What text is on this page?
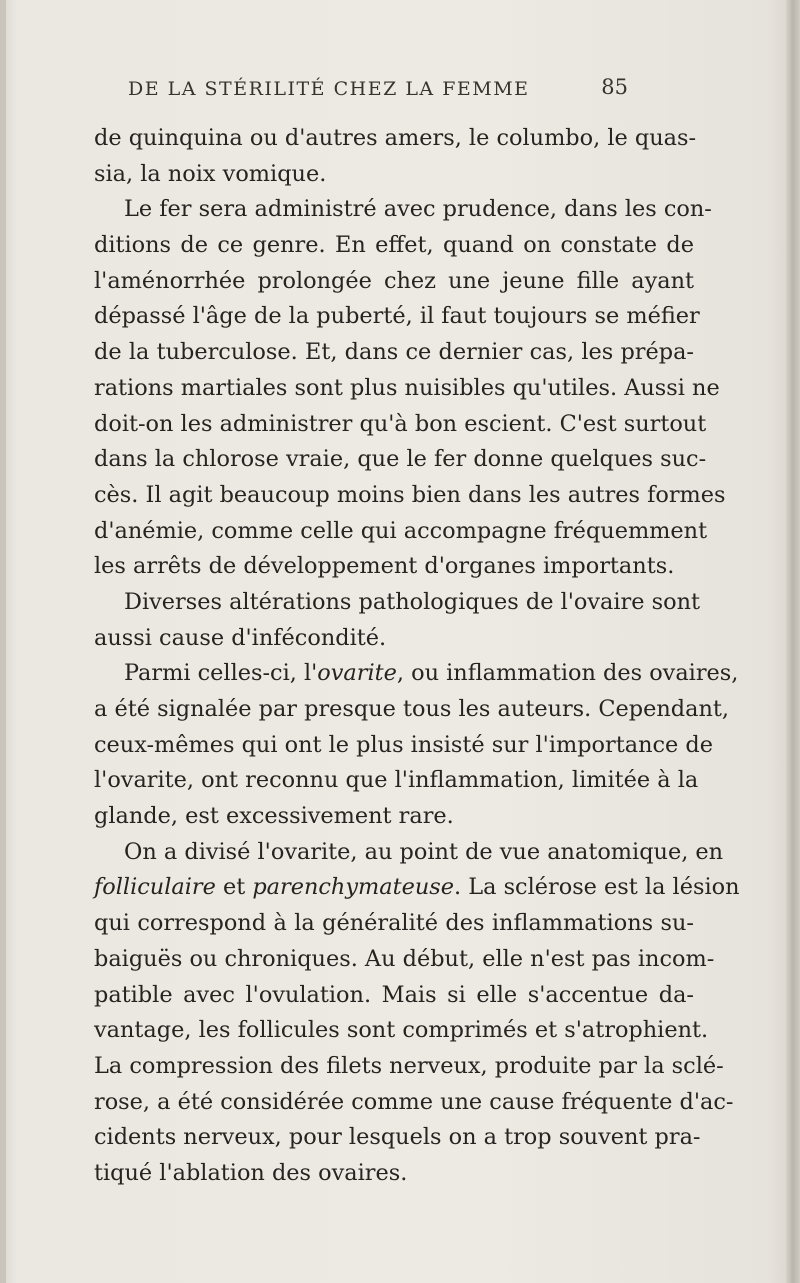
DE LA STÉRILITÉ CHEZ LA FEMME	85
de quinquina ou d'autres amers, le columbo, le quas-
sia, la noix vomique.
Le fer sera administré avec prudence, dans les con-
ditions de ce genre. En effet, quand on constate de
l'aménorrhée prolongée chez une jeune fille ayant
dépassé l'âge de la puberté, il faut toujours se méfier
de la tuberculose. Et, dans ce dernier cas, les prépa-
rations martiales sont plus nuisibles qu'utiles. Aussi ne
doit-on les administrer qu'à bon escient. C'est surtout
dans la chlorose vraie, que le fer donne quelques suc-
cès. Il agit beaucoup moins bien dans les autres formes
d'anémie, comme celle qui accompagne fréquemment
les arrêts de développement d'organes importants.
Diverses altérations pathologiques de l'ovaire sont
aussi cause d'infécondité.
Parmi celles-ci, l'ovarite, ou inflammation des ovaires,
a été signalée par presque tous les auteurs. Cependant,
ceux-mêmes qui ont le plus insisté sur l'importance de
l'ovarite, ont reconnu que l'inflammation, limitée à la
glande, est excessivement rare.
On a divisé l'ovarite, au point de vue anatomique, en
folliculaire et parenchymateuse. La sclérose est la lésion
qui correspond à la généralité des inflammations su-
baiguës ou chroniques. Au début, elle n'est pas incom-
patible avec l'ovulation. Mais si elle s'accentue da-
vantage, les follicules sont comprimés et s'atrophient.
La compression des filets nerveux, produite par la sclé-
rose, a été considérée comme une cause fréquente d'ac-
cidents nerveux, pour lesquels on a trop souvent pra-
tiqué l'ablation des ovaires.
